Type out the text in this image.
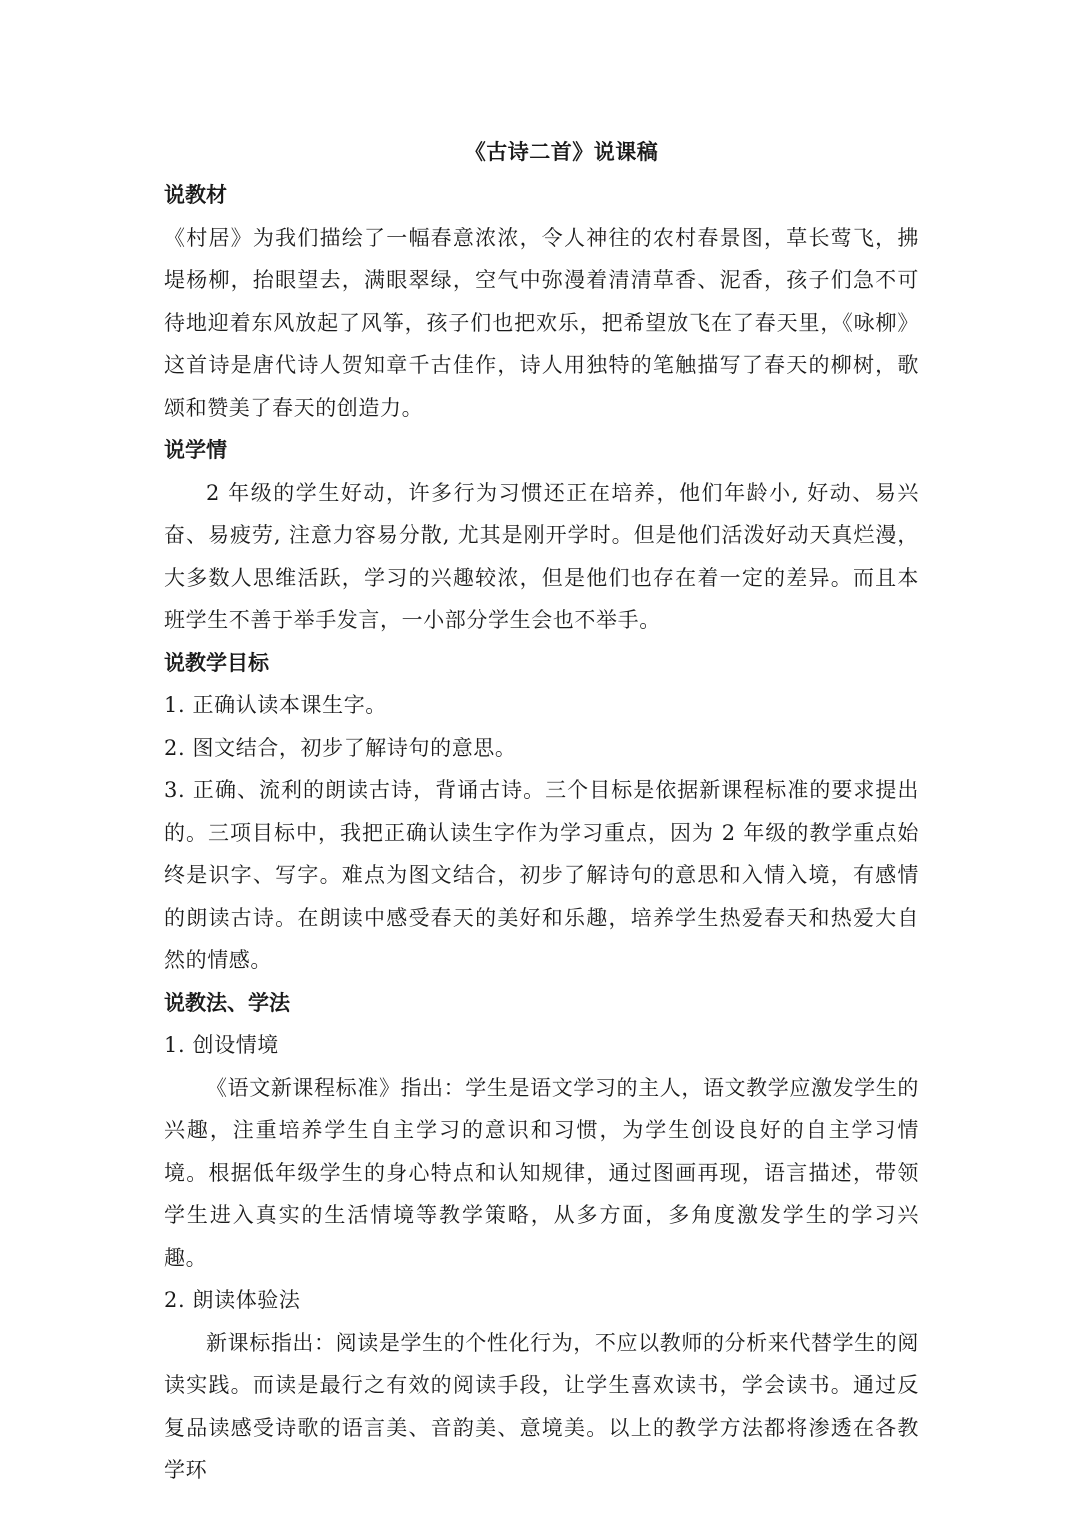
《古诗二首》说课稿

说教材

《村居》为我们描绘了一幅春意浓浓，令人神往的农村春景图，草长莺飞，拂堤杨柳，抬眼望去，满眼翠绿，空气中弥漫着清清草香、泥香，孩子们急不可待地迎着东风放起了风筝，孩子们也把欢乐，把希望放飞在了春天里，《咏柳》这首诗是唐代诗人贺知章千古佳作，诗人用独特的笔触描写了春天的柳树，歌颂和赞美了春天的创造力。

说学情

2 年级的学生好动，许多行为习惯还正在培养，他们年龄小, 好动、易兴奋、易疲劳, 注意力容易分散, 尤其是刚开学时。但是他们活泼好动天真烂漫，大多数人思维活跃，学习的兴趣较浓，但是他们也存在着一定的差异。而且本班学生不善于举手发言，一小部分学生会也不举手。

说教学目标

1. 正确认读本课生字。

2. 图文结合，初步了解诗句的意思。

3. 正确、流利的朗读古诗，背诵古诗。三个目标是依据新课程标准的要求提出的。三项目标中，我把正确认读生字作为学习重点，因为 2 年级的教学重点始终是识字、写字。难点为图文结合，初步了解诗句的意思和入情入境，有感情的朗读古诗。在朗读中感受春天的美好和乐趣，培养学生热爱春天和热爱大自然的情感。

说教法、学法

1. 创设情境

《语文新课程标准》指出：学生是语文学习的主人，语文教学应激发学生的兴趣，注重培养学生自主学习的意识和习惯，为学生创设良好的自主学习情境。根据低年级学生的身心特点和认知规律，通过图画再现，语言描述，带领学生进入真实的生活情境等教学策略，从多方面，多角度激发学生的学习兴趣。

2. 朗读体验法

新课标指出：阅读是学生的个性化行为，不应以教师的分析来代替学生的阅读实践。而读是最行之有效的阅读手段，让学生喜欢读书，学会读书。通过反复品读感受诗歌的语言美、音韵美、意境美。以上的教学方法都将渗透在各教学环
